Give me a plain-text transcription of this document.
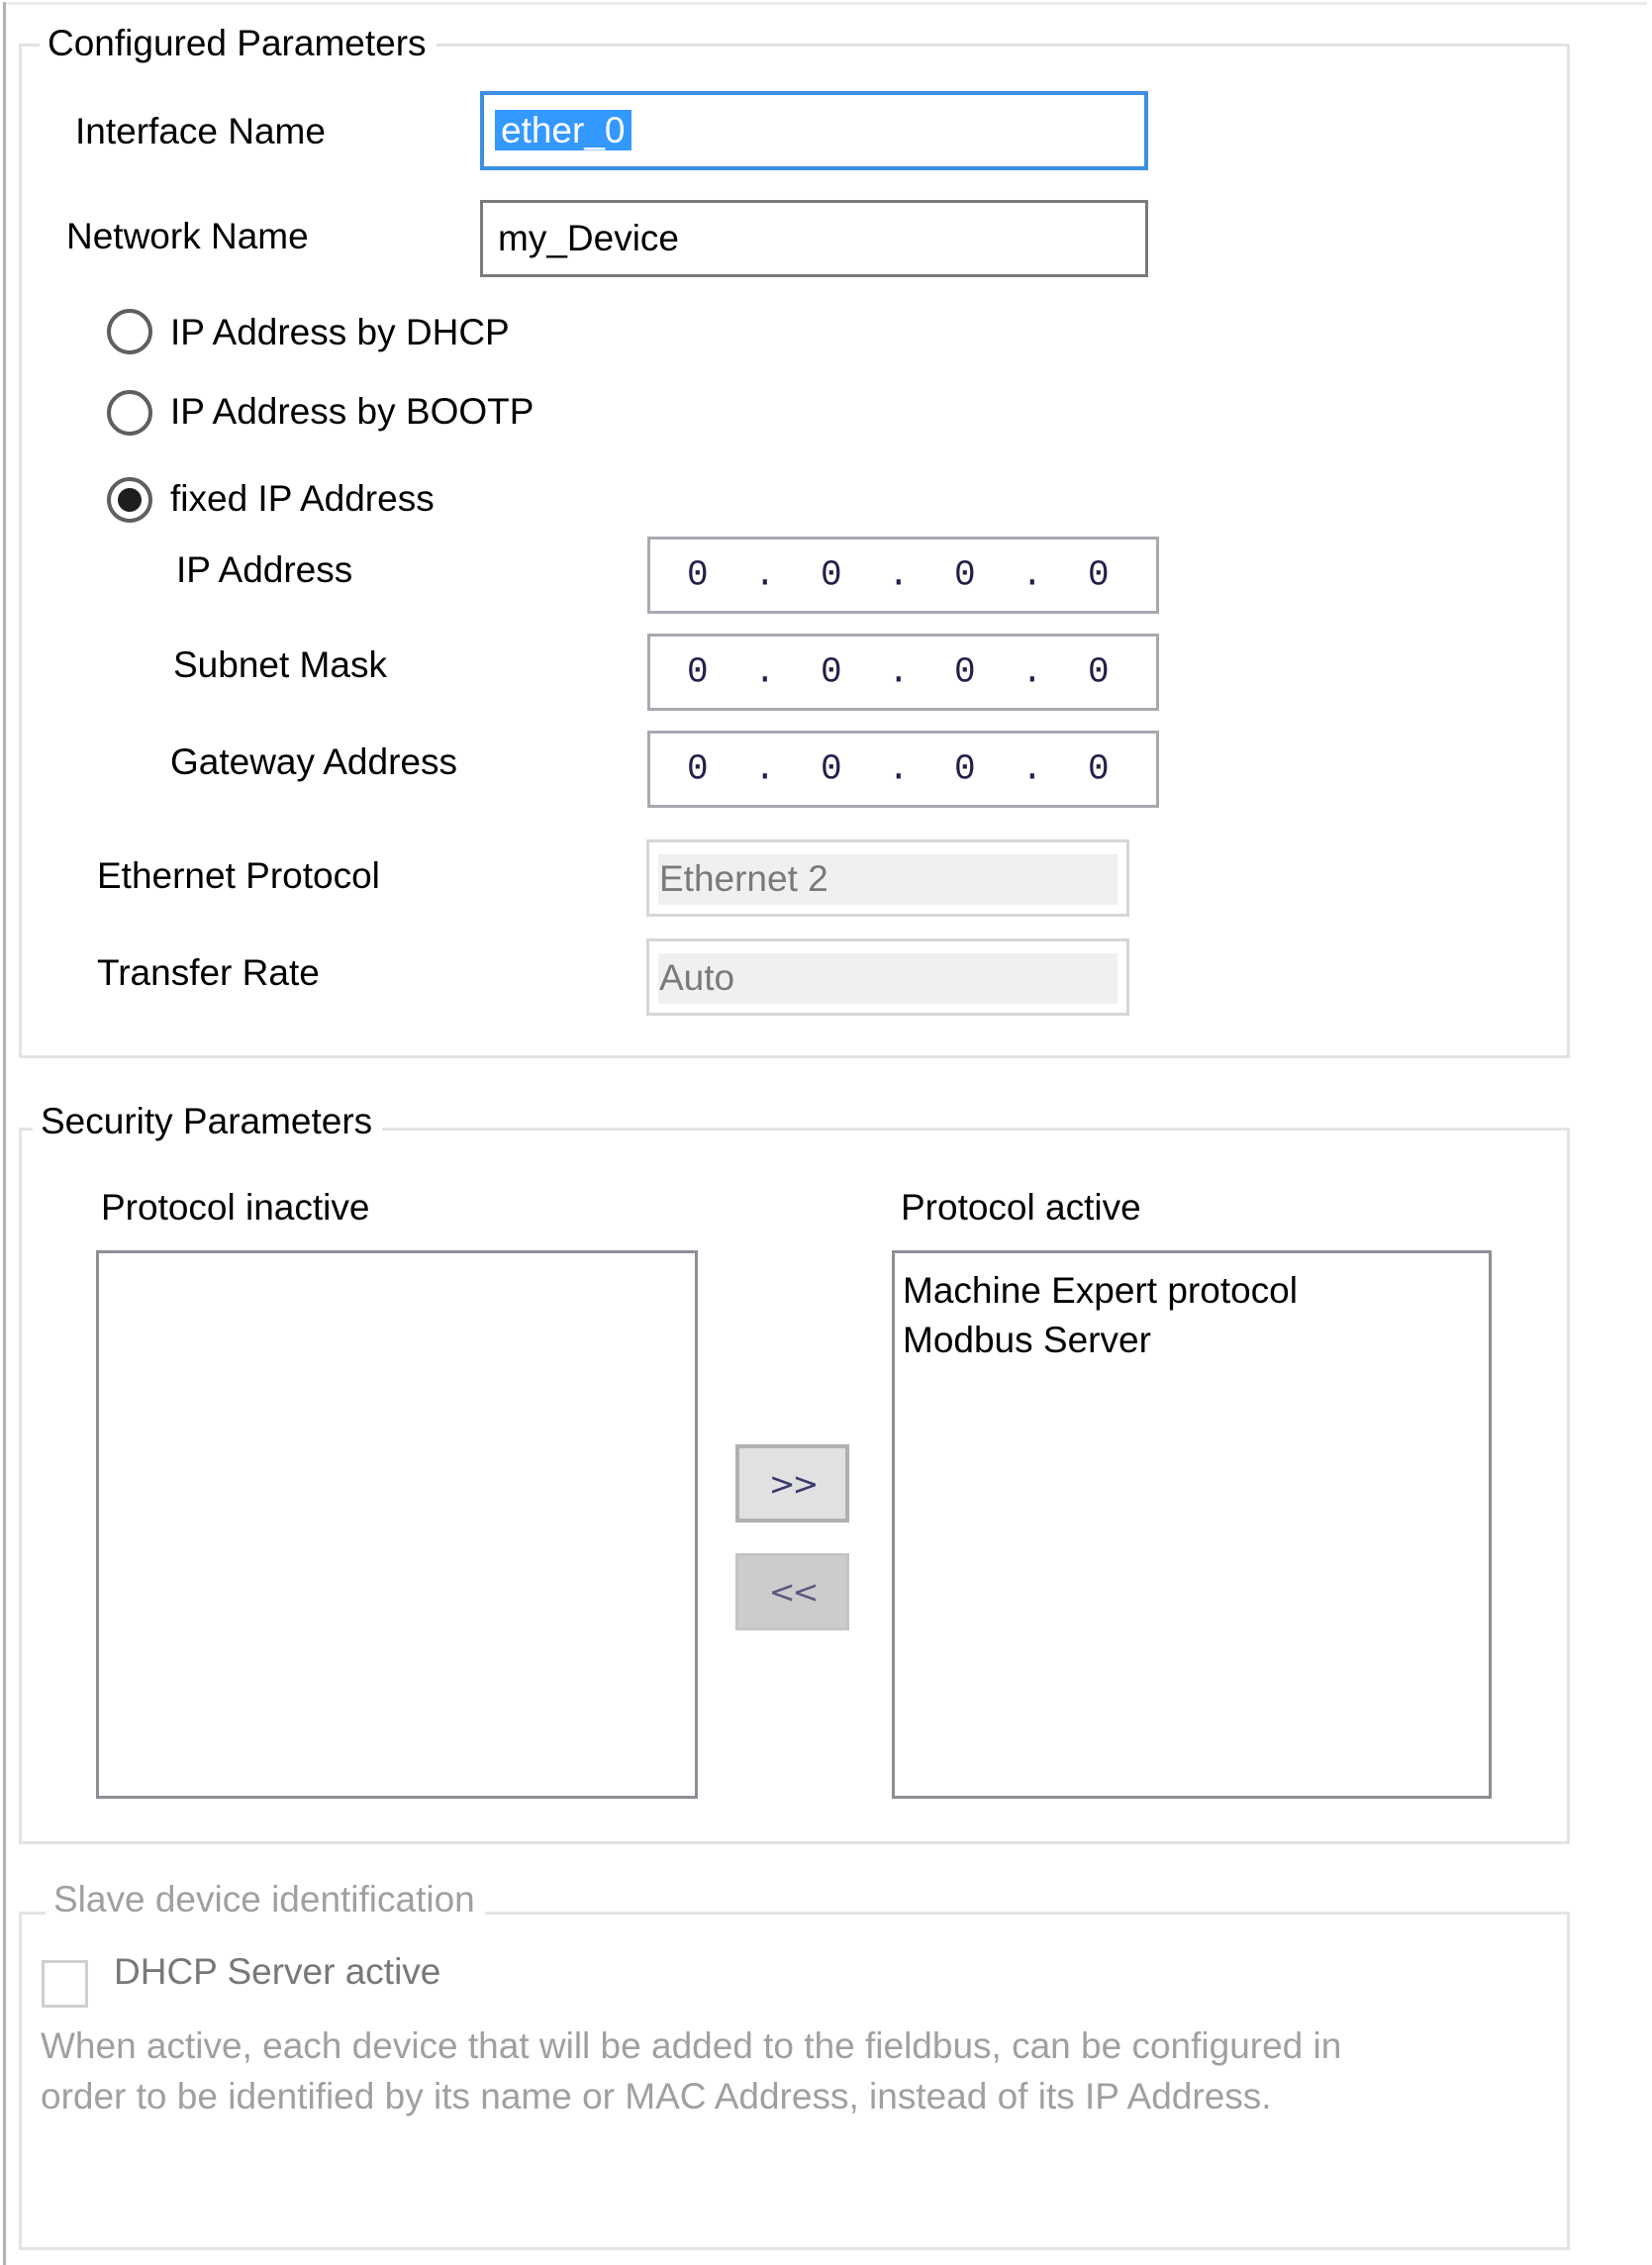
Configured Parameters
Interface Name	ether_0
Network Name	my_Device
IP Address by DHCP
IP Address by BOOTP
fixed IP Address
IP Address	0 . 0 . 0 . 0
Subnet Mask	0 . 0 . 0 . 0
Gateway Address	0 . 0 . 0 . 0
Ethernet Protocol	Ethernet 2
Transfer Rate	Auto
Security Parameters
Protocol inactive	Protocol active
Machine Expert protocol
Modbus Server
>>
<<
Slave device identification
DHCP Server active
When active, each device that will be added to the fieldbus, can be configured in
order to be identified by its name or MAC Address, instead of its IP Address.
